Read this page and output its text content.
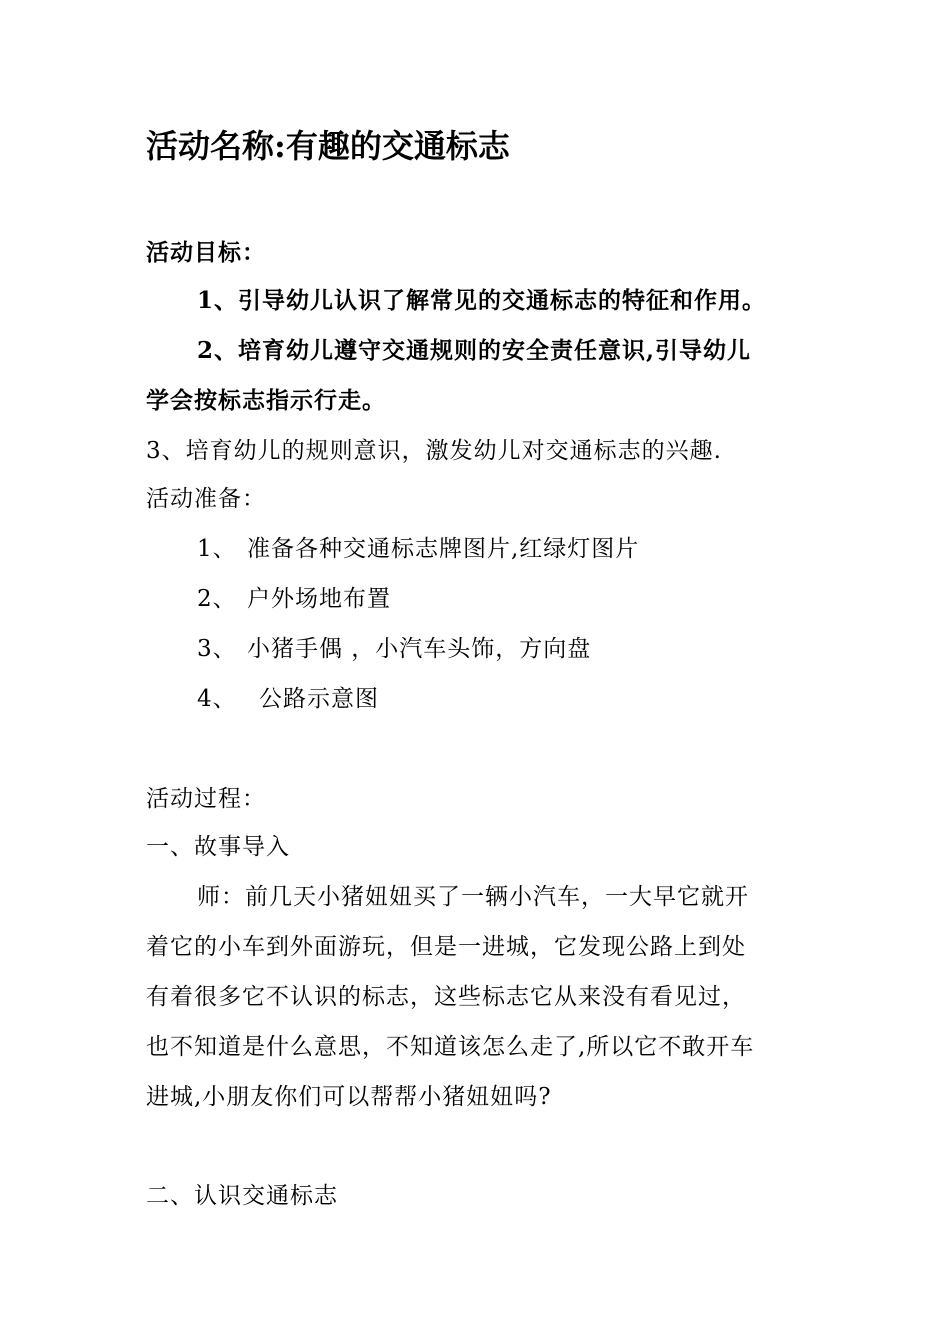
活动名称:有趣的交通标志
活动目标：
1、引导幼儿认识了解常见的交通标志的特征和作用。
2、培育幼儿遵守交通规则的安全责任意识,引导幼儿
学会按标志指示行走。
3、培育幼儿的规则意识，激发幼儿对交通标志的兴趣.
活动准备：
1、 准备各种交通标志牌图片,红绿灯图片
2、 户外场地布置
3、 小猪手偶 ，小汽车头饰，方向盘
4、 公路示意图
活动过程：
一、故事导入
师：前几天小猪妞妞买了一辆小汽车，一大早它就开
着它的小车到外面游玩，但是一进城，它发现公路上到处
有着很多它不认识的标志，这些标志它从来没有看见过，
也不知道是什么意思，不知道该怎么走了,所以它不敢开车
进城,小朋友你们可以帮帮小猪妞妞吗?
二、认识交通标志
